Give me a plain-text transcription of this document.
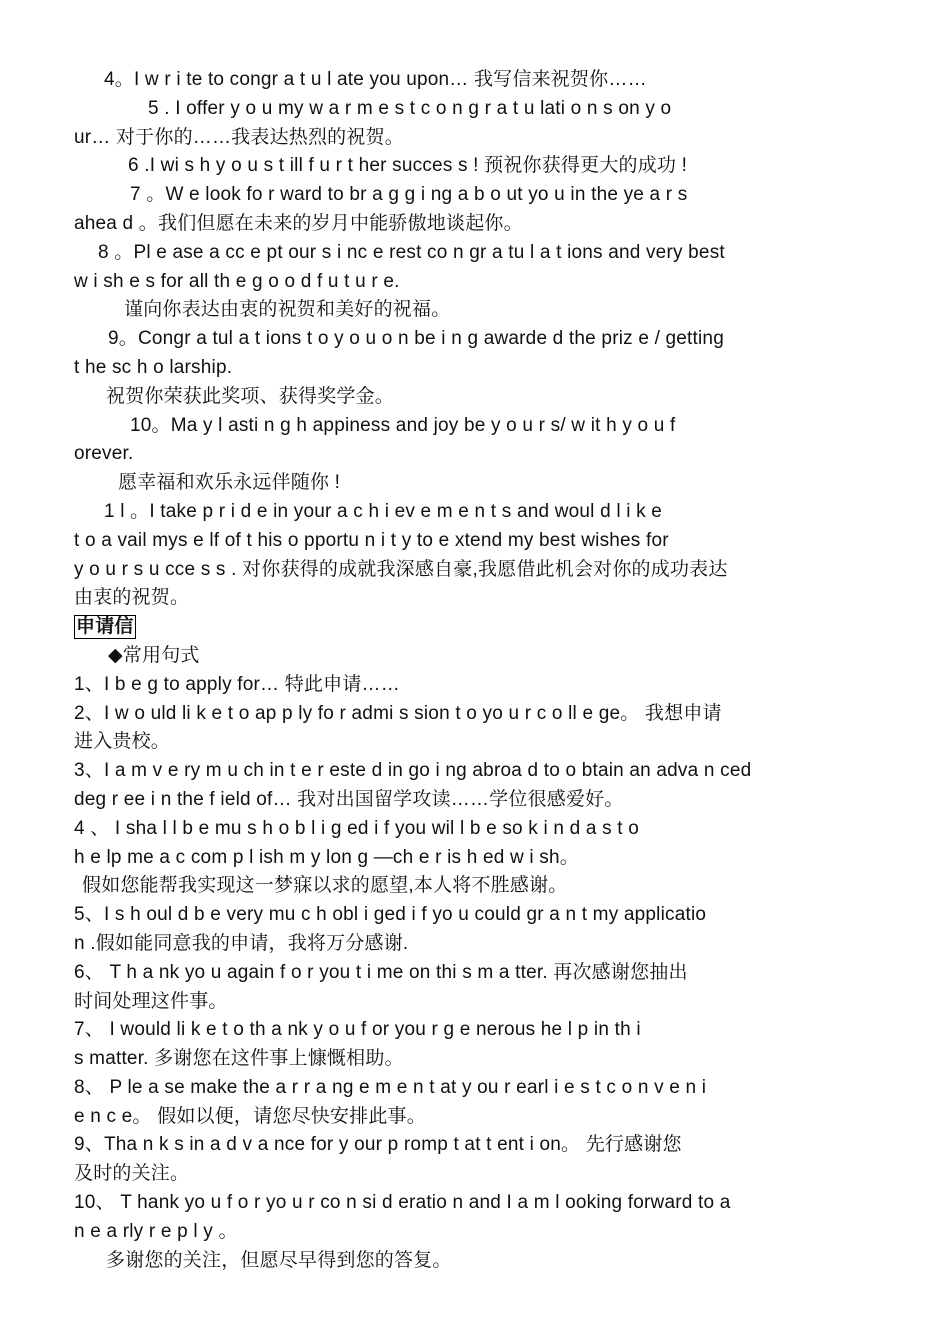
4。I w r i te to congr a t u l ate you upon… 我写信来祝贺你……
5 . I offer y o u my w a r m e s t c o n g r a t u lati o n s on y o
ur… 对于你的……我表达热烈的祝贺。
6 .I wi s h y o u s t ill f u r t her succes s ! 预祝你获得更大的成功 !
7 。W e look fo r ward to br a g g i ng a b o ut yo u in the ye a r s
ahea d 。我们但愿在未来的岁月中能骄傲地谈起你。
8 。Pl e ase a cc e pt our s i nc e rest co n gr a tu l a t ions and very best
w i sh e s for all th e g o o d f u t u r e.
谨向你表达由衷的祝贺和美好的祝福。
9。Congr a tul a t ions t o y o u o n be i n g awarde d the priz e / getting
t he sc h o larship.
祝贺你荣获此奖项、获得奖学金。
10。Ma y l asti n g h appiness and joy be y o u r s/ w it h y o u f
orever.
愿幸福和欢乐永远伴随你 !
1 l 。I take p r i d e in your a c h i ev e m e n t s and woul d l i k e
t o a vail mys e lf of t his o pportu n i t y to e xtend my best wishes for
y o u r s u cce s s . 对你获得的成就我深感自豪,我愿借此机会对你的成功表达
由衷的祝贺。
申请信
◆常用句式
1、I b e g to apply for… 特此申请……
2、I w o uld li k e t o ap p ly fo r admi s sion t o yo u r c o ll e ge。 我想申请
进入贵校。
3、I a m v e ry m u ch in t e r este d in go i ng abroa d to o btain an adva n ced
deg r ee i n the f ield of… 我对出国留学攻读……学位很感爱好。
4 、 I sha l l b e mu s h o b l i g ed i f you wil l b e so k i n d a s t o
h e lp me a c com p l ish m y lon g —ch e r is h ed w i sh。
假如您能帮我实现这一梦寐以求的愿望,本人将不胜感谢。
5、I s h oul d b e very mu c h obl i ged i f yo u could gr a n t my applicatio
n .假如能同意我的申请，我将万分感谢.
6、 T h a nk yo u again f o r you t i me on thi s m a tter. 再次感谢您抽出
时间处理这件事。
7、 I would li k e t o th a nk y o u f or you r g e nerous he l p in th i
s matter. 多谢您在这件事上慷慨相助。
8、 P le a se make the a r r a ng e m e n t at y ou r earl i e s t c o n v e n i
e n c e。 假如以便，请您尽快安排此事。
9、Tha n k s in a d v a nce for y our p romp t at t ent i on。 先行感谢您
及时的关注。
10、 T hank yo u f o r yo u r co n si d eratio n and I a m l ooking forward to a
n e a rly r e p l y 。
多谢您的关注，但愿尽早得到您的答复。
